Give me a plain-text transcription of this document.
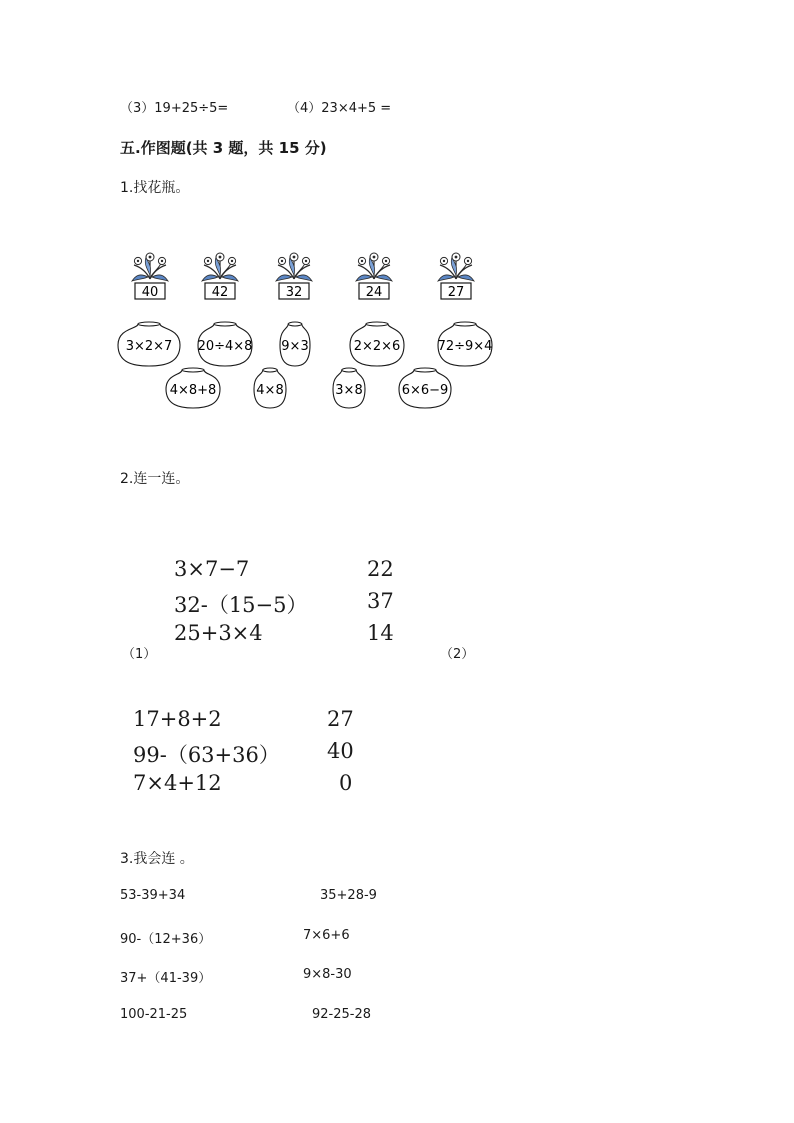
（3）19+25÷5=	（4）23×4+5 =
五.作图题(共 3 题，共 15 分)
1.找花瓶。
40	42	32	24	27
3×2×7 20÷4×8 9×3	2×2×6	72÷9×4
4×8+8	4×8	3×8	6×6−9
2.连一连。
3×7−7
32-（15−5）
25+3×4
22
37
14
（1）	（2）
17+8+2
99-（63+36）
7×4+12
27
40
0
3.我会连 。
53-39+34
90-（12+36）
37+（41-39）
100-21-25
35+28-9
7×6+6
9×8-30
92-25-28
